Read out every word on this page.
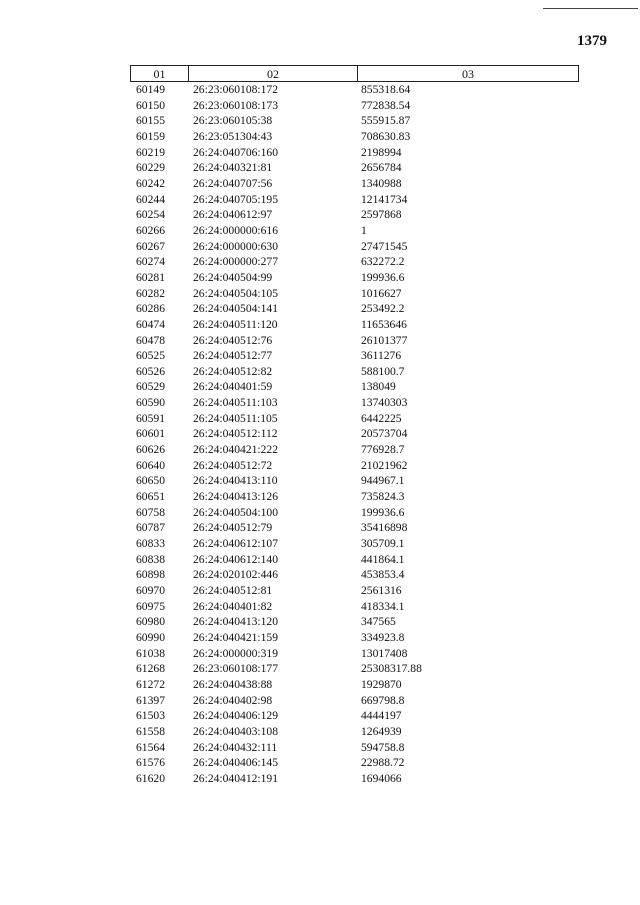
1379
01	02	03
60149 26:23:060108:172	855318.64
60150 26:23:060108:173	772838.54
60155 26:23:060105:38	555915.87
60159 26:23:051304:43	708630.83
60219 26:24:040706:160	2198994
60229 26:24:040321:81	2656784
60242 26:24:040707:56	1340988
60244 26:24:040705:195	12141734
60254 26:24:040612:97	2597868
60266 26:24:000000:616	1
60267 26:24:000000:630	27471545
60274 26:24:000000:277	632272.2
60281 26:24:040504:99	199936.6
60282 26:24:040504:105	1016627
60286 26:24:040504:141	253492.2
60474 26:24:040511:120	11653646
60478 26:24:040512:76	26101377
60525 26:24:040512:77	3611276
60526 26:24:040512:82	588100.7
60529 26:24:040401:59	138049
60590 26:24:040511:103	13740303
60591 26:24:040511:105	6442225
60601 26:24:040512:112	20573704
60626 26:24:040421:222	776928.7
60640 26:24:040512:72	21021962
60650 26:24:040413:110	944967.1
60651 26:24:040413:126	735824.3
60758 26:24:040504:100	199936.6
60787 26:24:040512:79	35416898
60833 26:24:040612:107	305709.1
60838 26:24:040612:140	441864.1
60898 26:24:020102:446	453853.4
60970 26:24:040512:81	2561316
60975 26:24:040401:82	418334.1
60980 26:24:040413:120	347565
60990 26:24:040421:159	334923.8
61038 26:24:000000:319	13017408
61268 26:23:060108:177	25308317.88
61272 26:24:040438:88	1929870
61397 26:24:040402:98	669798.8
61503 26:24:040406:129	4444197
61558 26:24:040403:108	1264939
61564 26:24:040432:111	594758.8
61576 26:24:040406:145	22988.72
61620 26:24:040412:191	1694066
